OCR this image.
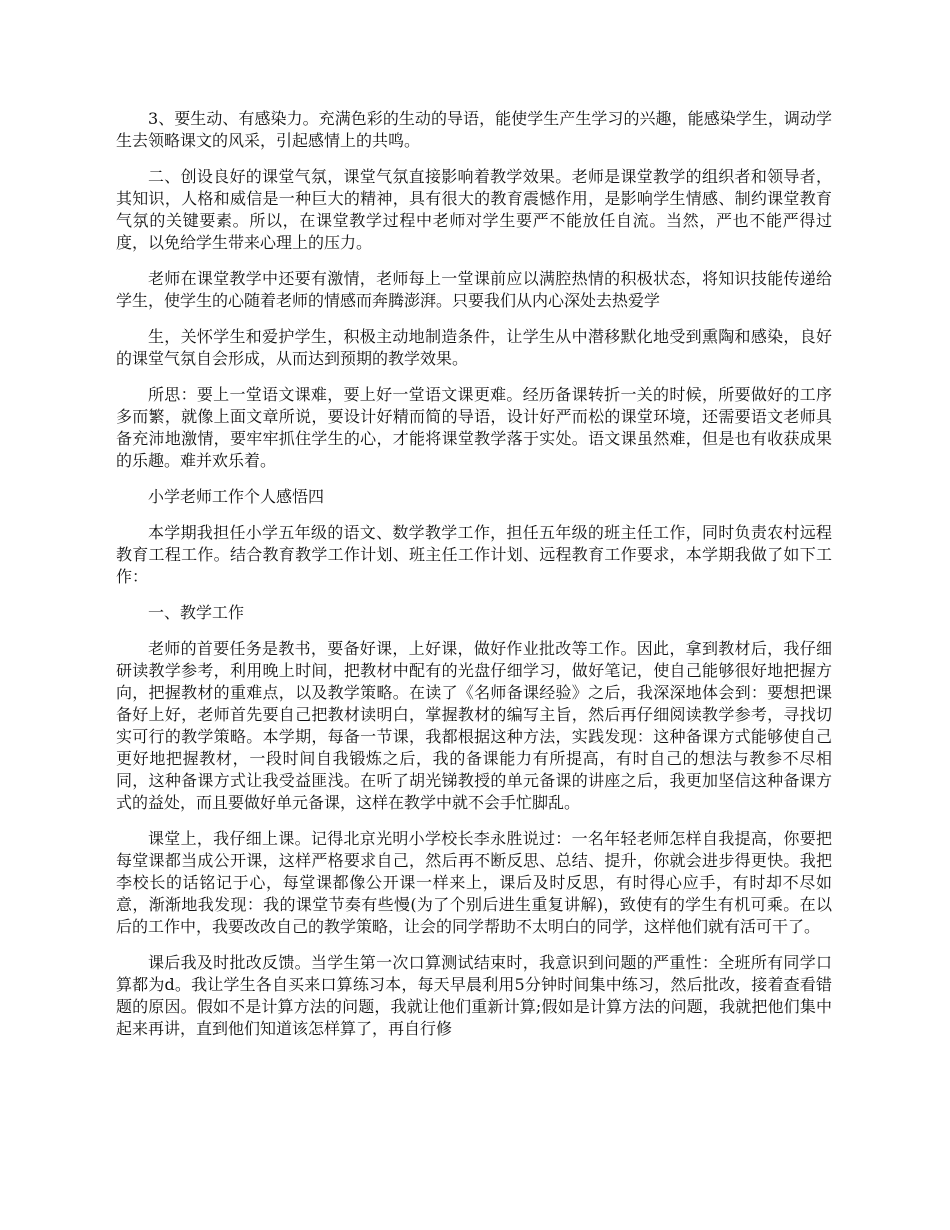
3、要生动、有感染力。充满色彩的生动的导语，能使学生产生学习的兴趣，能感染学生，调动学生去领略课文的风采，引起感情上的共鸣。

二、创设良好的课堂气氛，课堂气氛直接影响着教学效果。老师是课堂教学的组织者和领导者，其知识，人格和威信是一种巨大的精神，具有很大的教育震憾作用，是影响学生情感、制约课堂教育气氛的关键要素。所以，在课堂教学过程中老师对学生要严不能放任自流。当然，严也不能严得过度，以免给学生带来心理上的压力。

老师在课堂教学中还要有激情，老师每上一堂课前应以满腔热情的积极状态，将知识技能传递给学生，使学生的心随着老师的情感而奔腾澎湃。只要我们从内心深处去热爱学

生，关怀学生和爱护学生，积极主动地制造条件，让学生从中潜移默化地受到熏陶和感染，良好的课堂气氛自会形成，从而达到预期的教学效果。

所思：要上一堂语文课难，要上好一堂语文课更难。经历备课转折一关的时候，所要做好的工序多而繁，就像上面文章所说，要设计好精而简的导语，设计好严而松的课堂环境，还需要语文老师具备充沛地激情，要牢牢抓住学生的心，才能将课堂教学落于实处。语文课虽然难，但是也有收获成果的乐趣。难并欢乐着。

小学老师工作个人感悟四

本学期我担任小学五年级的语文、数学教学工作，担任五年级的班主任工作，同时负责农村远程教育工程工作。结合教育教学工作计划、班主任工作计划、远程教育工作要求，本学期我做了如下工作：

一、教学工作

老师的首要任务是教书，要备好课，上好课，做好作业批改等工作。因此，拿到教材后，我仔细研读教学参考，利用晚上时间，把教材中配有的光盘仔细学习，做好笔记，使自己能够很好地把握方向，把握教材的重难点，以及教学策略。在读了《名师备课经验》之后，我深深地体会到：要想把课备好上好，老师首先要自己把教材读明白，掌握教材的编写主旨，然后再仔细阅读教学参考，寻找切实可行的教学策略。本学期，每备一节课，我都根据这种方法，实践发现：这种备课方式能够使自己更好地把握教材，一段时间自我锻炼之后，我的备课能力有所提高，有时自己的想法与教参不尽相同，这种备课方式让我受益匪浅。在听了胡光锑教授的单元备课的讲座之后，我更加坚信这种备课方式的益处，而且要做好单元备课，这样在教学中就不会手忙脚乱。

课堂上，我仔细上课。记得北京光明小学校长李永胜说过：一名年轻老师怎样自我提高，你要把每堂课都当成公开课，这样严格要求自己，然后再不断反思、总结、提升，你就会进步得更快。我把李校长的话铭记于心，每堂课都像公开课一样来上，课后及时反思，有时得心应手，有时却不尽如意，渐渐地我发现：我的课堂节奏有些慢(为了个别后进生重复讲解)，致使有的学生有机可乘。在以后的工作中，我要改改自己的教学策略，让会的同学帮助不太明白的同学，这样他们就有活可干了。

课后我及时批改反馈。当学生第一次口算测试结束时，我意识到问题的严重性：全班所有同学口算都为d。我让学生各自买来口算练习本，每天早晨利用5分钟时间集中练习，然后批改，接着查看错题的原因。假如不是计算方法的问题，我就让他们重新计算;假如是计算方法的问题，我就把他们集中起来再讲，直到他们知道该怎样算了，再自行修
